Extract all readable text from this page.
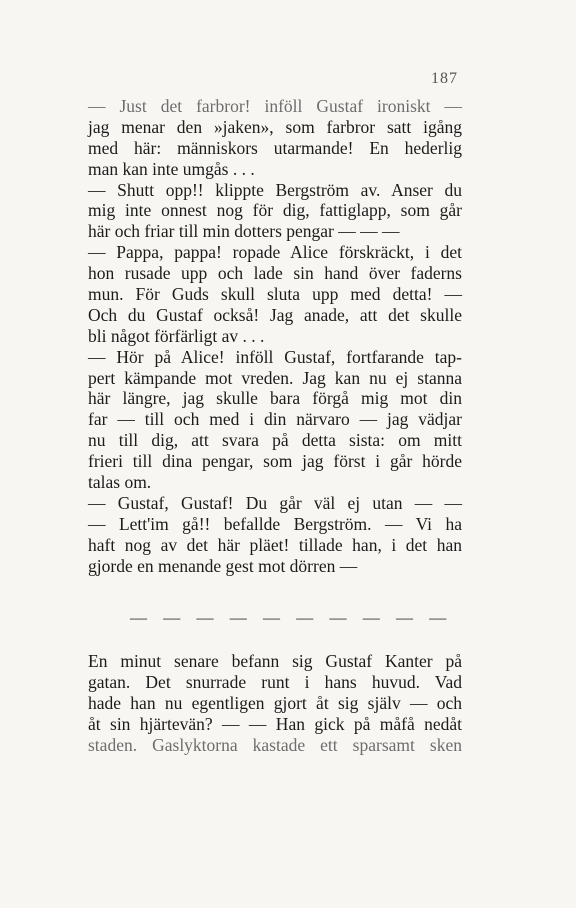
187
— Just det farbror! inföll Gustaf ironiskt —
jag menar den »jaken», som farbror satt igång
med här: människors utarmande! En hederlig
man kan inte umgås . . .
— Shutt opp!! klippte Bergström av. Anser du
mig inte onnest nog för dig, fattiglapp, som går
här och friar till min dotters pengar — — —
— Pappa, pappa! ropade Alice förskräckt, i det
hon rusade upp och lade sin hand över faderns
mun. För Guds skull sluta upp med detta! —
Och du Gustaf också! Jag anade, att det skulle
bli något förfärligt av . . .
— Hör på Alice! inföll Gustaf, fortfarande tap-
pert kämpande mot vreden. Jag kan nu ej stanna
här längre, jag skulle bara förgå mig mot din
far — till och med i din närvaro — jag vädjar
nu till dig, att svara på detta sista: om mitt
frieri till dina pengar, som jag först i går hörde
talas om.
— Gustaf, Gustaf! Du går väl ej utan — —
— Lett'im gå!! befallde Bergström. — Vi ha
haft nog av det här pläet! tillade han, i det han
gjorde en menande gest mot dörren —
— — — — — — — — — —
En minut senare befann sig Gustaf Kanter på
gatan. Det snurrade runt i hans huvud. Vad
hade han nu egentligen gjort åt sig själv — och
åt sin hjärtevän? — — Han gick på måfå nedåt
staden. Gaslyktorna kastade ett sparsamt sken
